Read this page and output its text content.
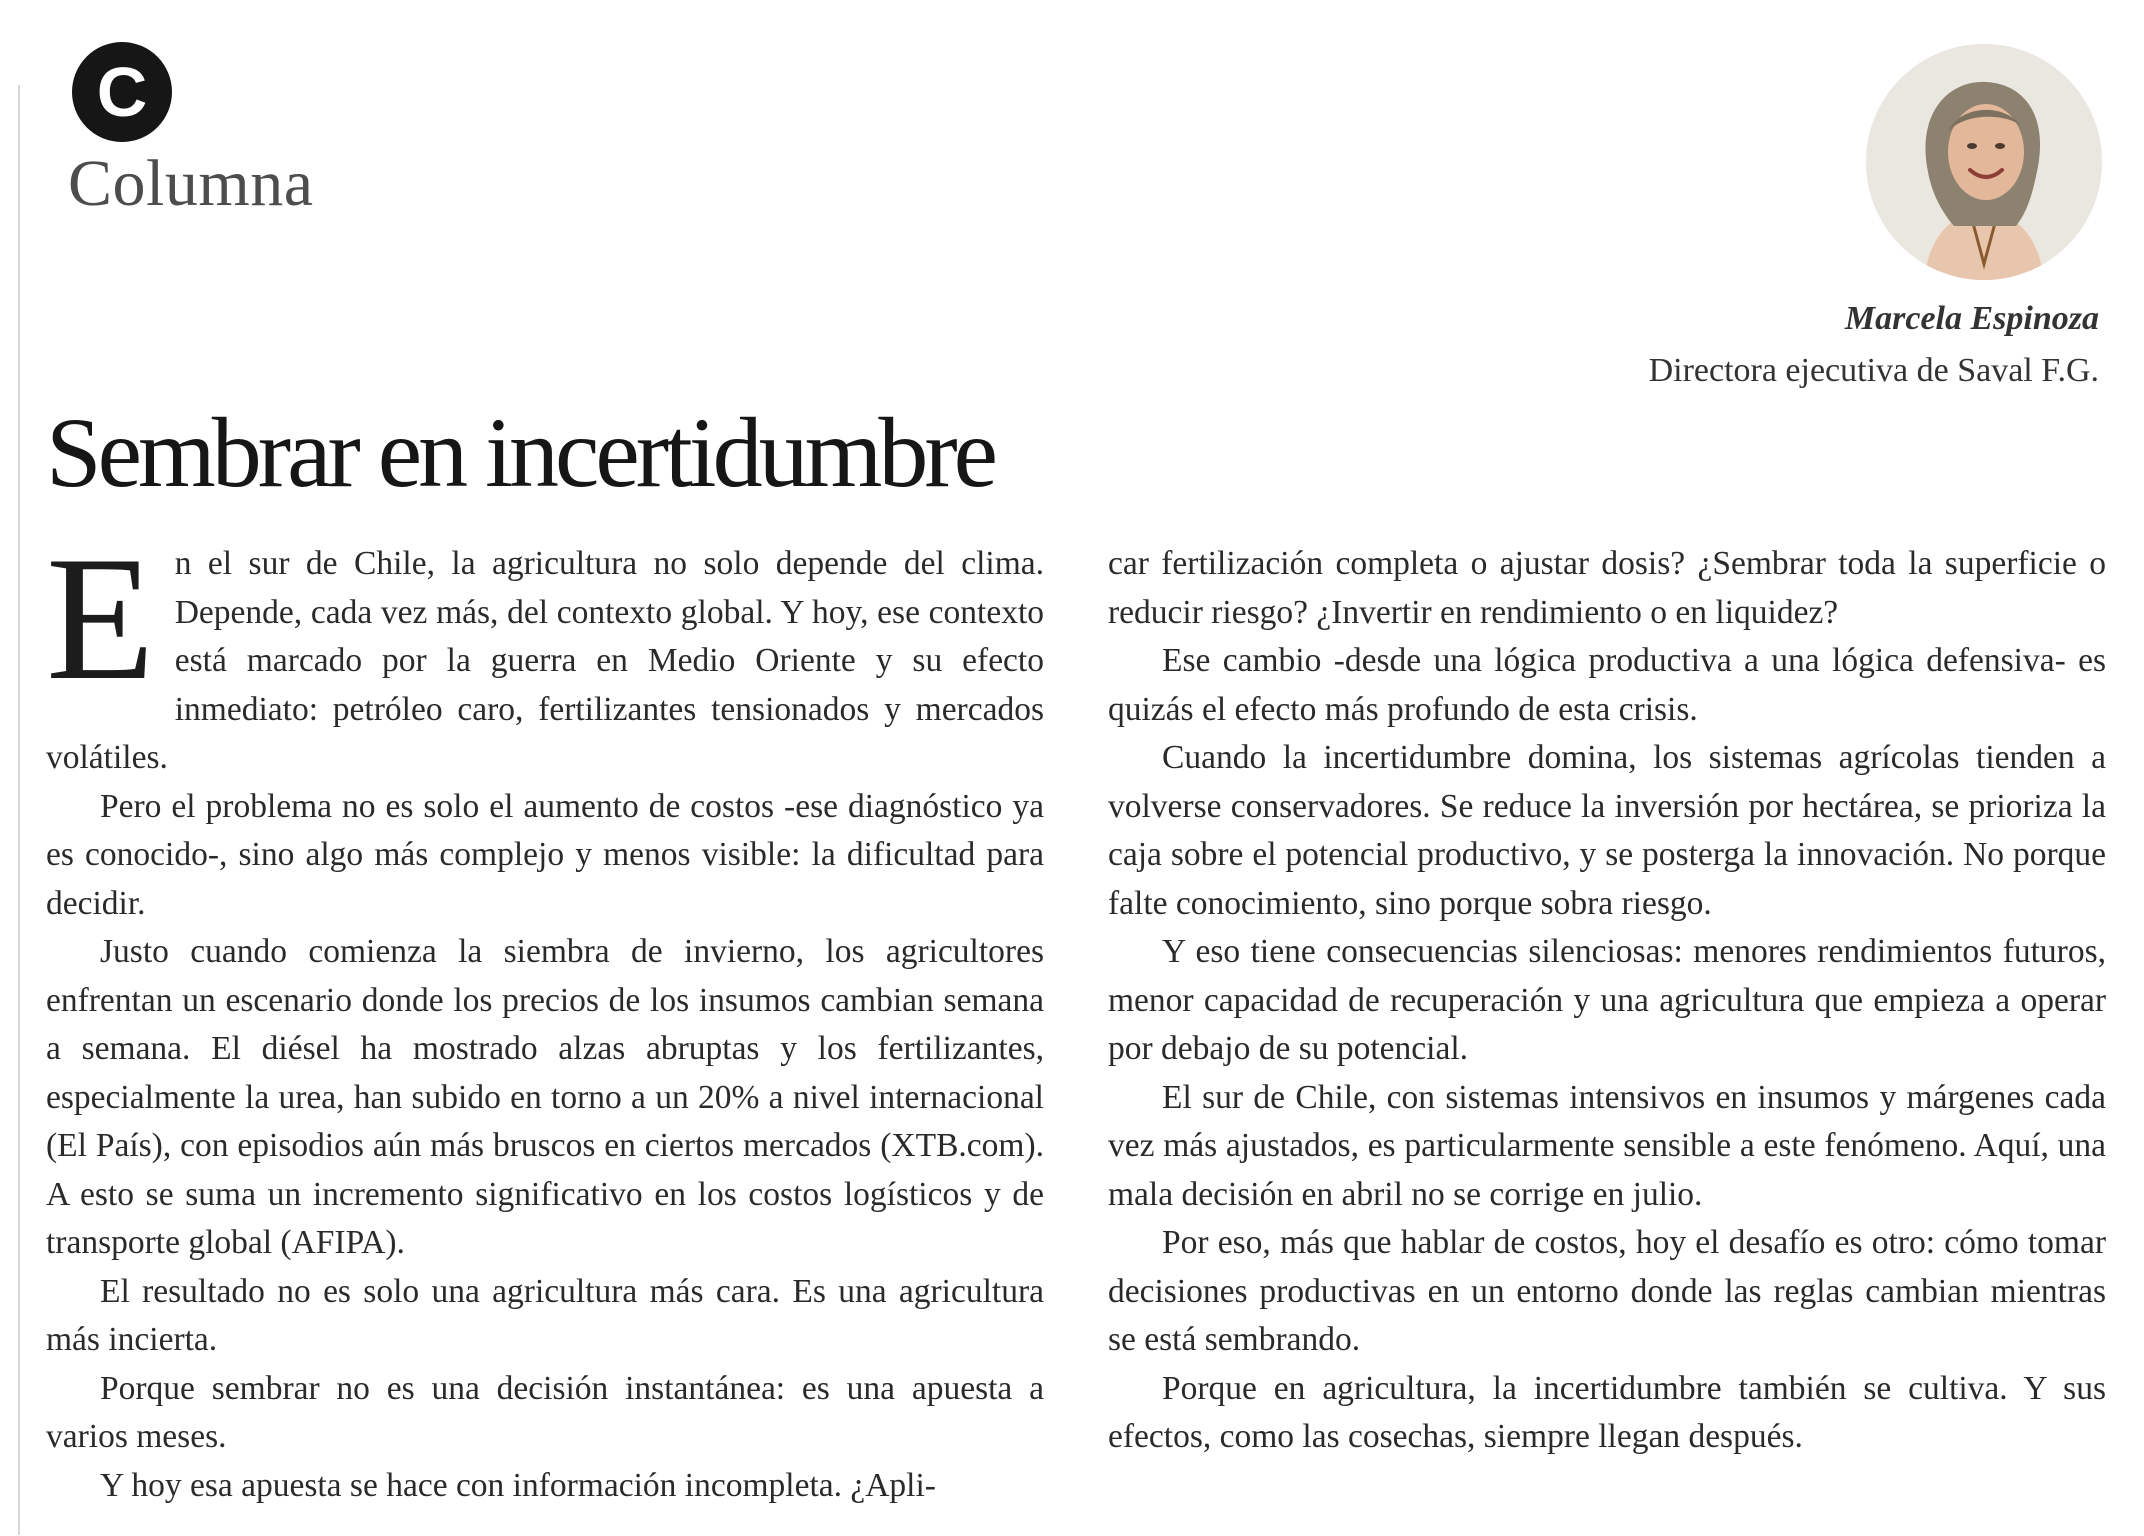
C
Columna
Marcela Espinoza
Directora ejecutiva de Saval F.G.
Sembrar en incertidumbre

En el sur de Chile, la agricultura no solo depende del clima. Depende, cada vez más, del contexto global. Y hoy, ese contexto está marcado por la guerra en Medio Oriente y su efecto inmediato: petróleo caro, fertilizantes tensionados y mercados volátiles.

Pero el problema no es solo el aumento de costos -ese diagnóstico ya es conocido-, sino algo más complejo y menos visible: la dificultad para decidir.

Justo cuando comienza la siembra de invierno, los agricultores enfrentan un escenario donde los precios de los insumos cambian semana a semana. El diésel ha mostrado alzas abruptas y los fertilizantes, especialmente la urea, han subido en torno a un 20% a nivel internacional (El País), con episodios aún más bruscos en ciertos mercados (XTB.com). A esto se suma un incremento significativo en los costos logísticos y de transporte global (AFIPA).

El resultado no es solo una agricultura más cara. Es una agricultura más incierta.

Porque sembrar no es una decisión instantánea: es una apuesta a varios meses.

Y hoy esa apuesta se hace con información incompleta. ¿Apli-

car fertilización completa o ajustar dosis? ¿Sembrar toda la superficie o reducir riesgo? ¿Invertir en rendimiento o en liquidez?

Ese cambio -desde una lógica productiva a una lógica defensiva- es quizás el efecto más profundo de esta crisis.

Cuando la incertidumbre domina, los sistemas agrícolas tienden a volverse conservadores. Se reduce la inversión por hectárea, se prioriza la caja sobre el potencial productivo, y se posterga la innovación. No porque falte conocimiento, sino porque sobra riesgo.

Y eso tiene consecuencias silenciosas: menores rendimientos futuros, menor capacidad de recuperación y una agricultura que empieza a operar por debajo de su potencial.

El sur de Chile, con sistemas intensivos en insumos y márgenes cada vez más ajustados, es particularmente sensible a este fenómeno. Aquí, una mala decisión en abril no se corrige en julio.

Por eso, más que hablar de costos, hoy el desafío es otro: cómo tomar decisiones productivas en un entorno donde las reglas cambian mientras se está sembrando.

Porque en agricultura, la incertidumbre también se cultiva. Y sus efectos, como las cosechas, siempre llegan después.
